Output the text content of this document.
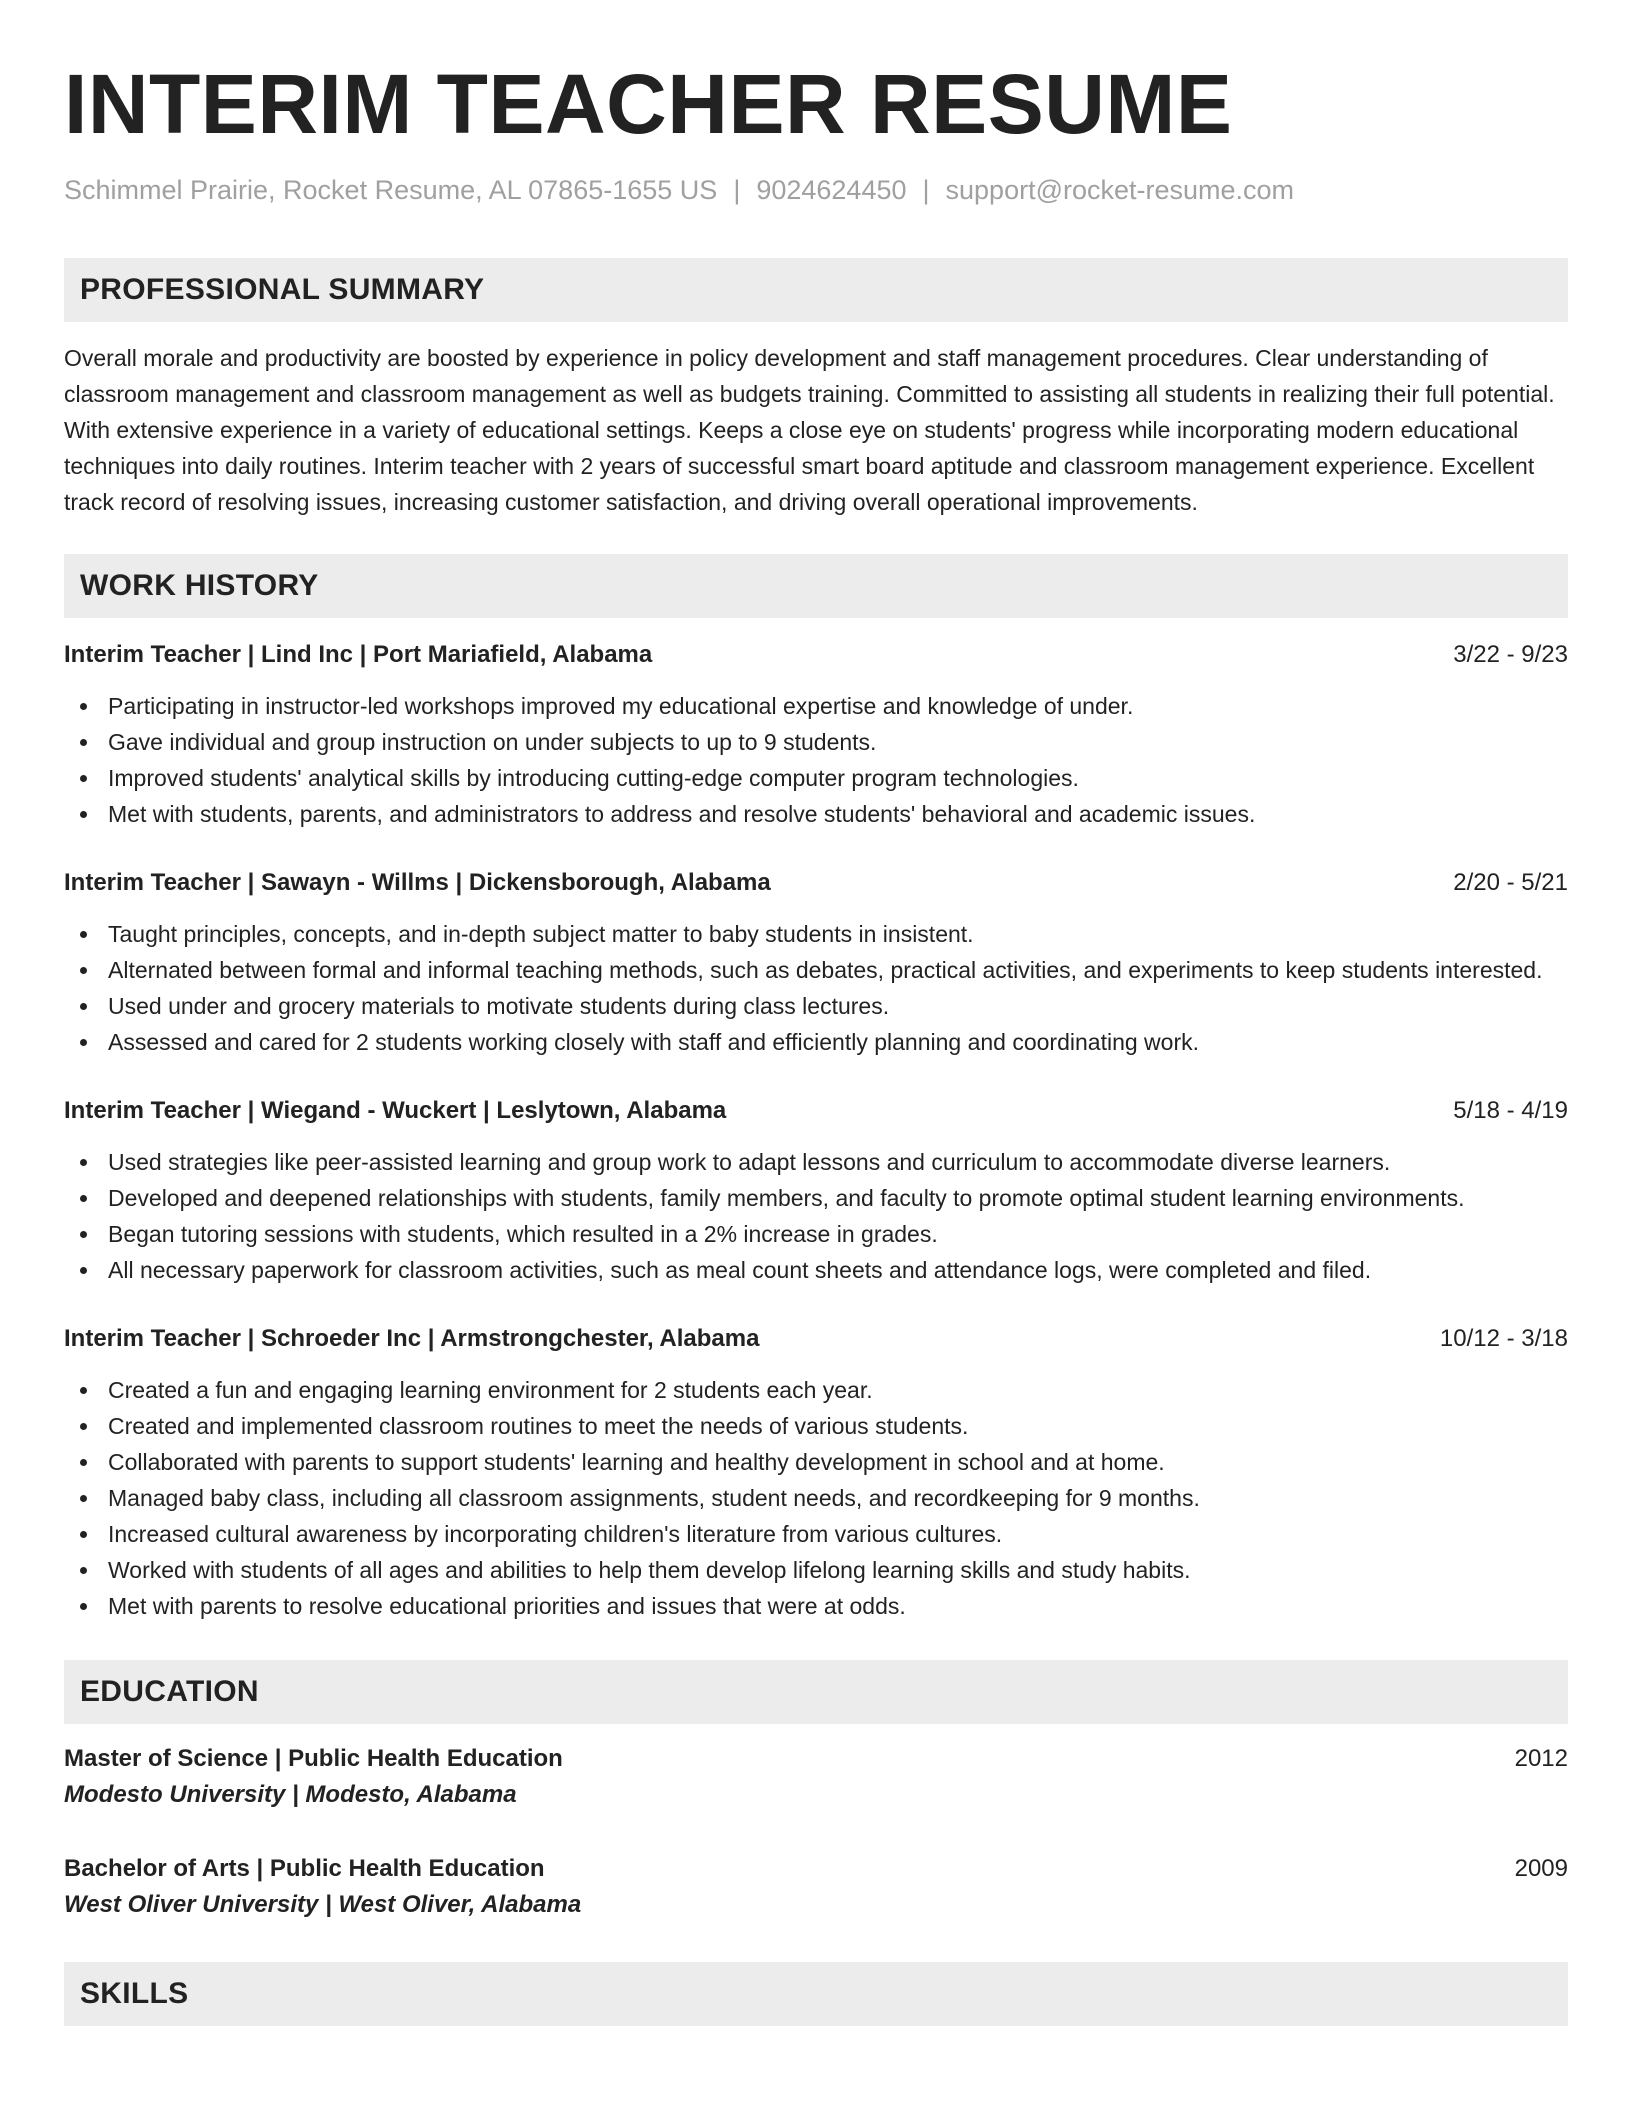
INTERIM TEACHER RESUME
Schimmel Prairie, Rocket Resume, AL 07865-1655 US | 9024624450 | support@rocket-resume.com
PROFESSIONAL SUMMARY

Overall morale and productivity are boosted by experience in policy development and staff management procedures. Clear understanding of classroom management and classroom management as well as budgets training. Committed to assisting all students in realizing their full potential. With extensive experience in a variety of educational settings. Keeps a close eye on students' progress while incorporating modern educational techniques into daily routines. Interim teacher with 2 years of successful smart board aptitude and classroom management experience. Excellent track record of resolving issues, increasing customer satisfaction, and driving overall operational improvements.

WORK HISTORY
Interim Teacher | Lind Inc | Port Mariafield, Alabama	3/22 - 9/23
Participating in instructor-led workshops improved my educational expertise and knowledge of under.
Gave individual and group instruction on under subjects to up to 9 students.
Improved students' analytical skills by introducing cutting-edge computer program technologies.
Met with students, parents, and administrators to address and resolve students' behavioral and academic issues.
Interim Teacher | Sawayn - Willms | Dickensborough, Alabama	2/20 - 5/21
Taught principles, concepts, and in-depth subject matter to baby students in insistent.
Alternated between formal and informal teaching methods, such as debates, practical activities, and experiments to keep students interested.
Used under and grocery materials to motivate students during class lectures.
Assessed and cared for 2 students working closely with staff and efficiently planning and coordinating work.
Interim Teacher | Wiegand - Wuckert | Leslytown, Alabama	5/18 - 4/19
Used strategies like peer-assisted learning and group work to adapt lessons and curriculum to accommodate diverse learners.
Developed and deepened relationships with students, family members, and faculty to promote optimal student learning environments.
Began tutoring sessions with students, which resulted in a 2% increase in grades.
All necessary paperwork for classroom activities, such as meal count sheets and attendance logs, were completed and filed.
Interim Teacher | Schroeder Inc | Armstrongchester, Alabama	10/12 - 3/18
Created a fun and engaging learning environment for 2 students each year.
Created and implemented classroom routines to meet the needs of various students.
Collaborated with parents to support students' learning and healthy development in school and at home.
Managed baby class, including all classroom assignments, student needs, and recordkeeping for 9 months.
Increased cultural awareness by incorporating children's literature from various cultures.
Worked with students of all ages and abilities to help them develop lifelong learning skills and study habits.
Met with parents to resolve educational priorities and issues that were at odds.
EDUCATION
Master of Science | Public Health Education	2012
Modesto University | Modesto, Alabama
Bachelor of Arts | Public Health Education	2009
West Oliver University | West Oliver, Alabama
SKILLS
